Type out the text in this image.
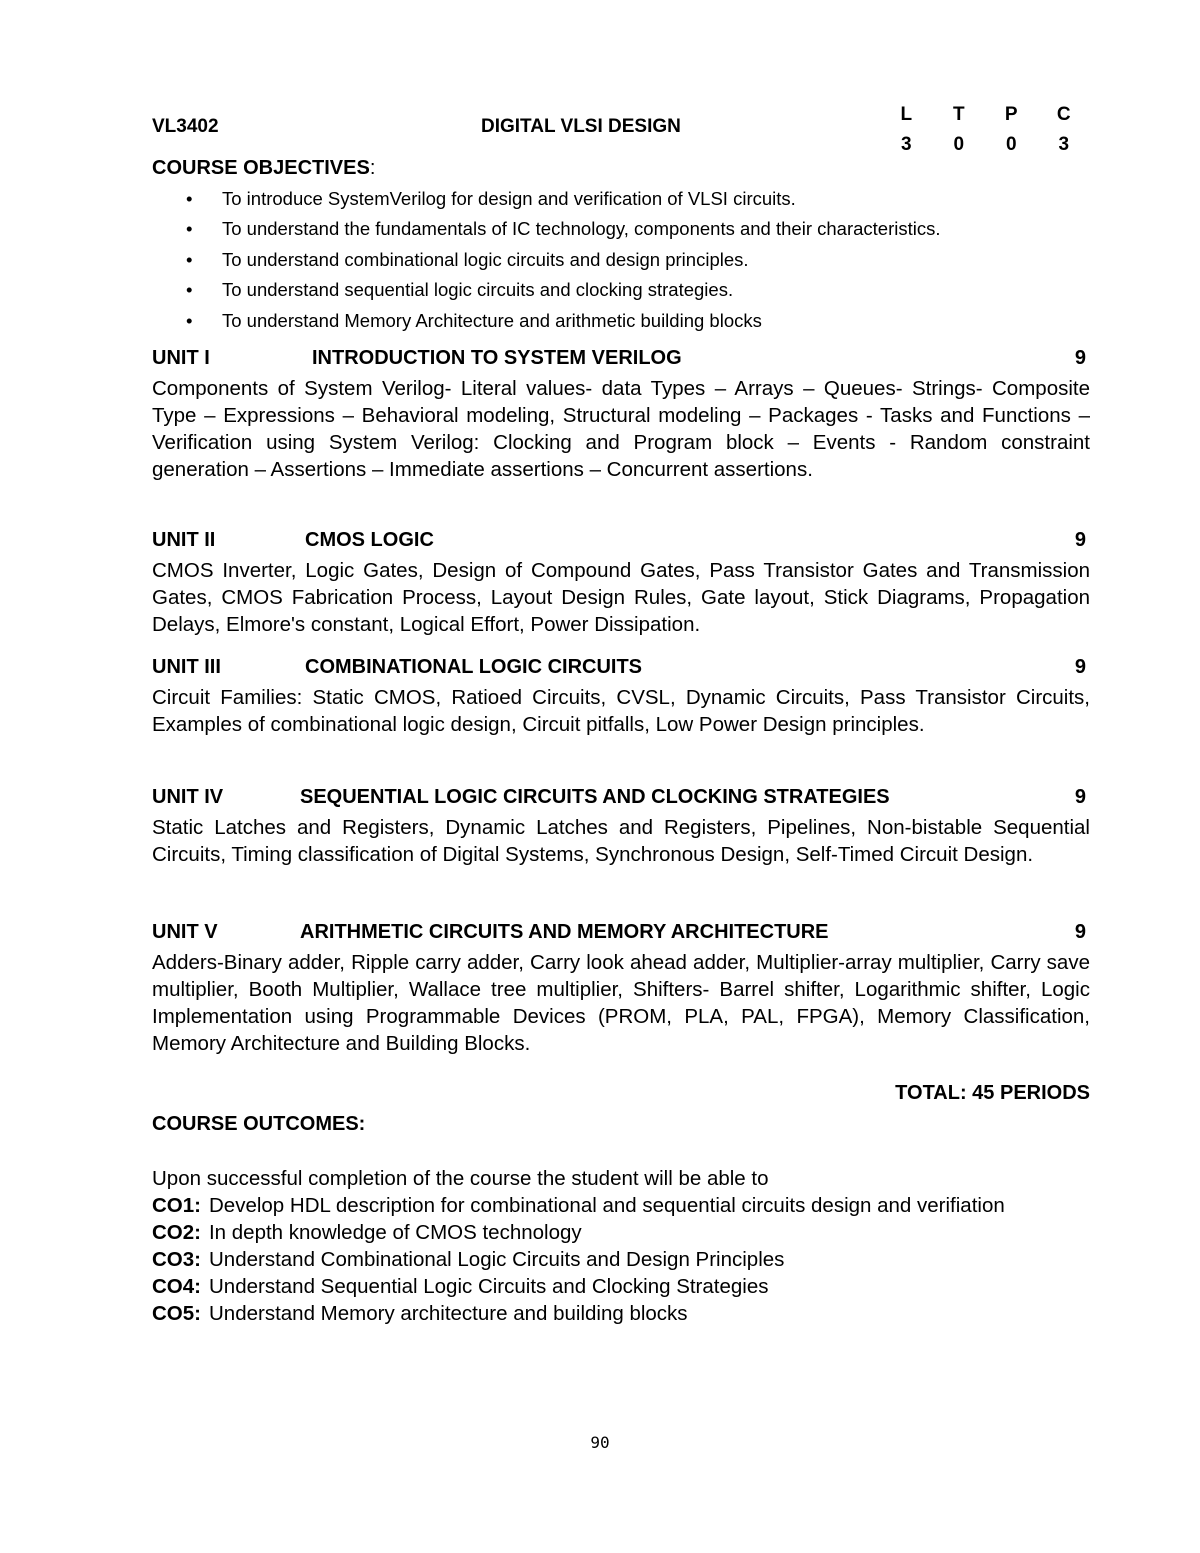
VL3402	DIGITAL VLSI DESIGN
L	T	P	C
3	0	0	3
COURSE OBJECTIVES:
• To introduce SystemVerilog for design and verification of VLSI circuits.
• To understand the fundamentals of IC technology, components and their characteristics.
• To understand combinational logic circuits and design principles.
• To understand sequential logic circuits and clocking strategies.
• To understand Memory Architecture and arithmetic building blocks
UNIT I	INTRODUCTION TO SYSTEM VERILOG	9

Components of System Verilog- Literal values- data Types – Arrays – Queues- Strings- Composite Type – Expressions – Behavioral modeling, Structural modeling – Packages - Tasks and Functions –Verification using System Verilog: Clocking and Program block – Events - Random constraint generation – Assertions – Immediate assertions – Concurrent assertions.

UNIT II	CMOS LOGIC	9

CMOS Inverter, Logic Gates, Design of Compound Gates, Pass Transistor Gates and Transmission Gates, CMOS Fabrication Process, Layout Design Rules, Gate layout, Stick Diagrams, Propagation Delays, Elmore's constant, Logical Effort, Power Dissipation.

UNIT III	COMBINATIONAL LOGIC CIRCUITS	9

Circuit Families: Static CMOS, Ratioed Circuits, CVSL, Dynamic Circuits, Pass Transistor Circuits, Examples of combinational logic design, Circuit pitfalls, Low Power Design principles.

UNIT IV	SEQUENTIAL LOGIC CIRCUITS AND CLOCKING STRATEGIES	9

Static Latches and Registers, Dynamic Latches and Registers, Pipelines, Non-bistable Sequential Circuits, Timing classification of Digital Systems, Synchronous Design, Self-Timed Circuit Design.

UNIT V	ARITHMETIC CIRCUITS AND MEMORY ARCHITECTURE	9

Adders-Binary adder, Ripple carry adder, Carry look ahead adder, Multiplier-array multiplier, Carry save multiplier, Booth Multiplier, Wallace tree multiplier, Shifters- Barrel shifter, Logarithmic shifter, Logic Implementation using Programmable Devices (PROM, PLA, PAL, FPGA), Memory Classification, Memory Architecture and Building Blocks.

TOTAL: 45 PERIODS
COURSE OUTCOMES:
Upon successful completion of the course the student will be able to
CO1: Develop HDL description for combinational and sequential circuits design and verifiation
CO2: In depth knowledge of CMOS technology
CO3: Understand Combinational Logic Circuits and Design Principles
CO4: Understand Sequential Logic Circuits and Clocking Strategies
CO5: Understand Memory architecture and building blocks
90
